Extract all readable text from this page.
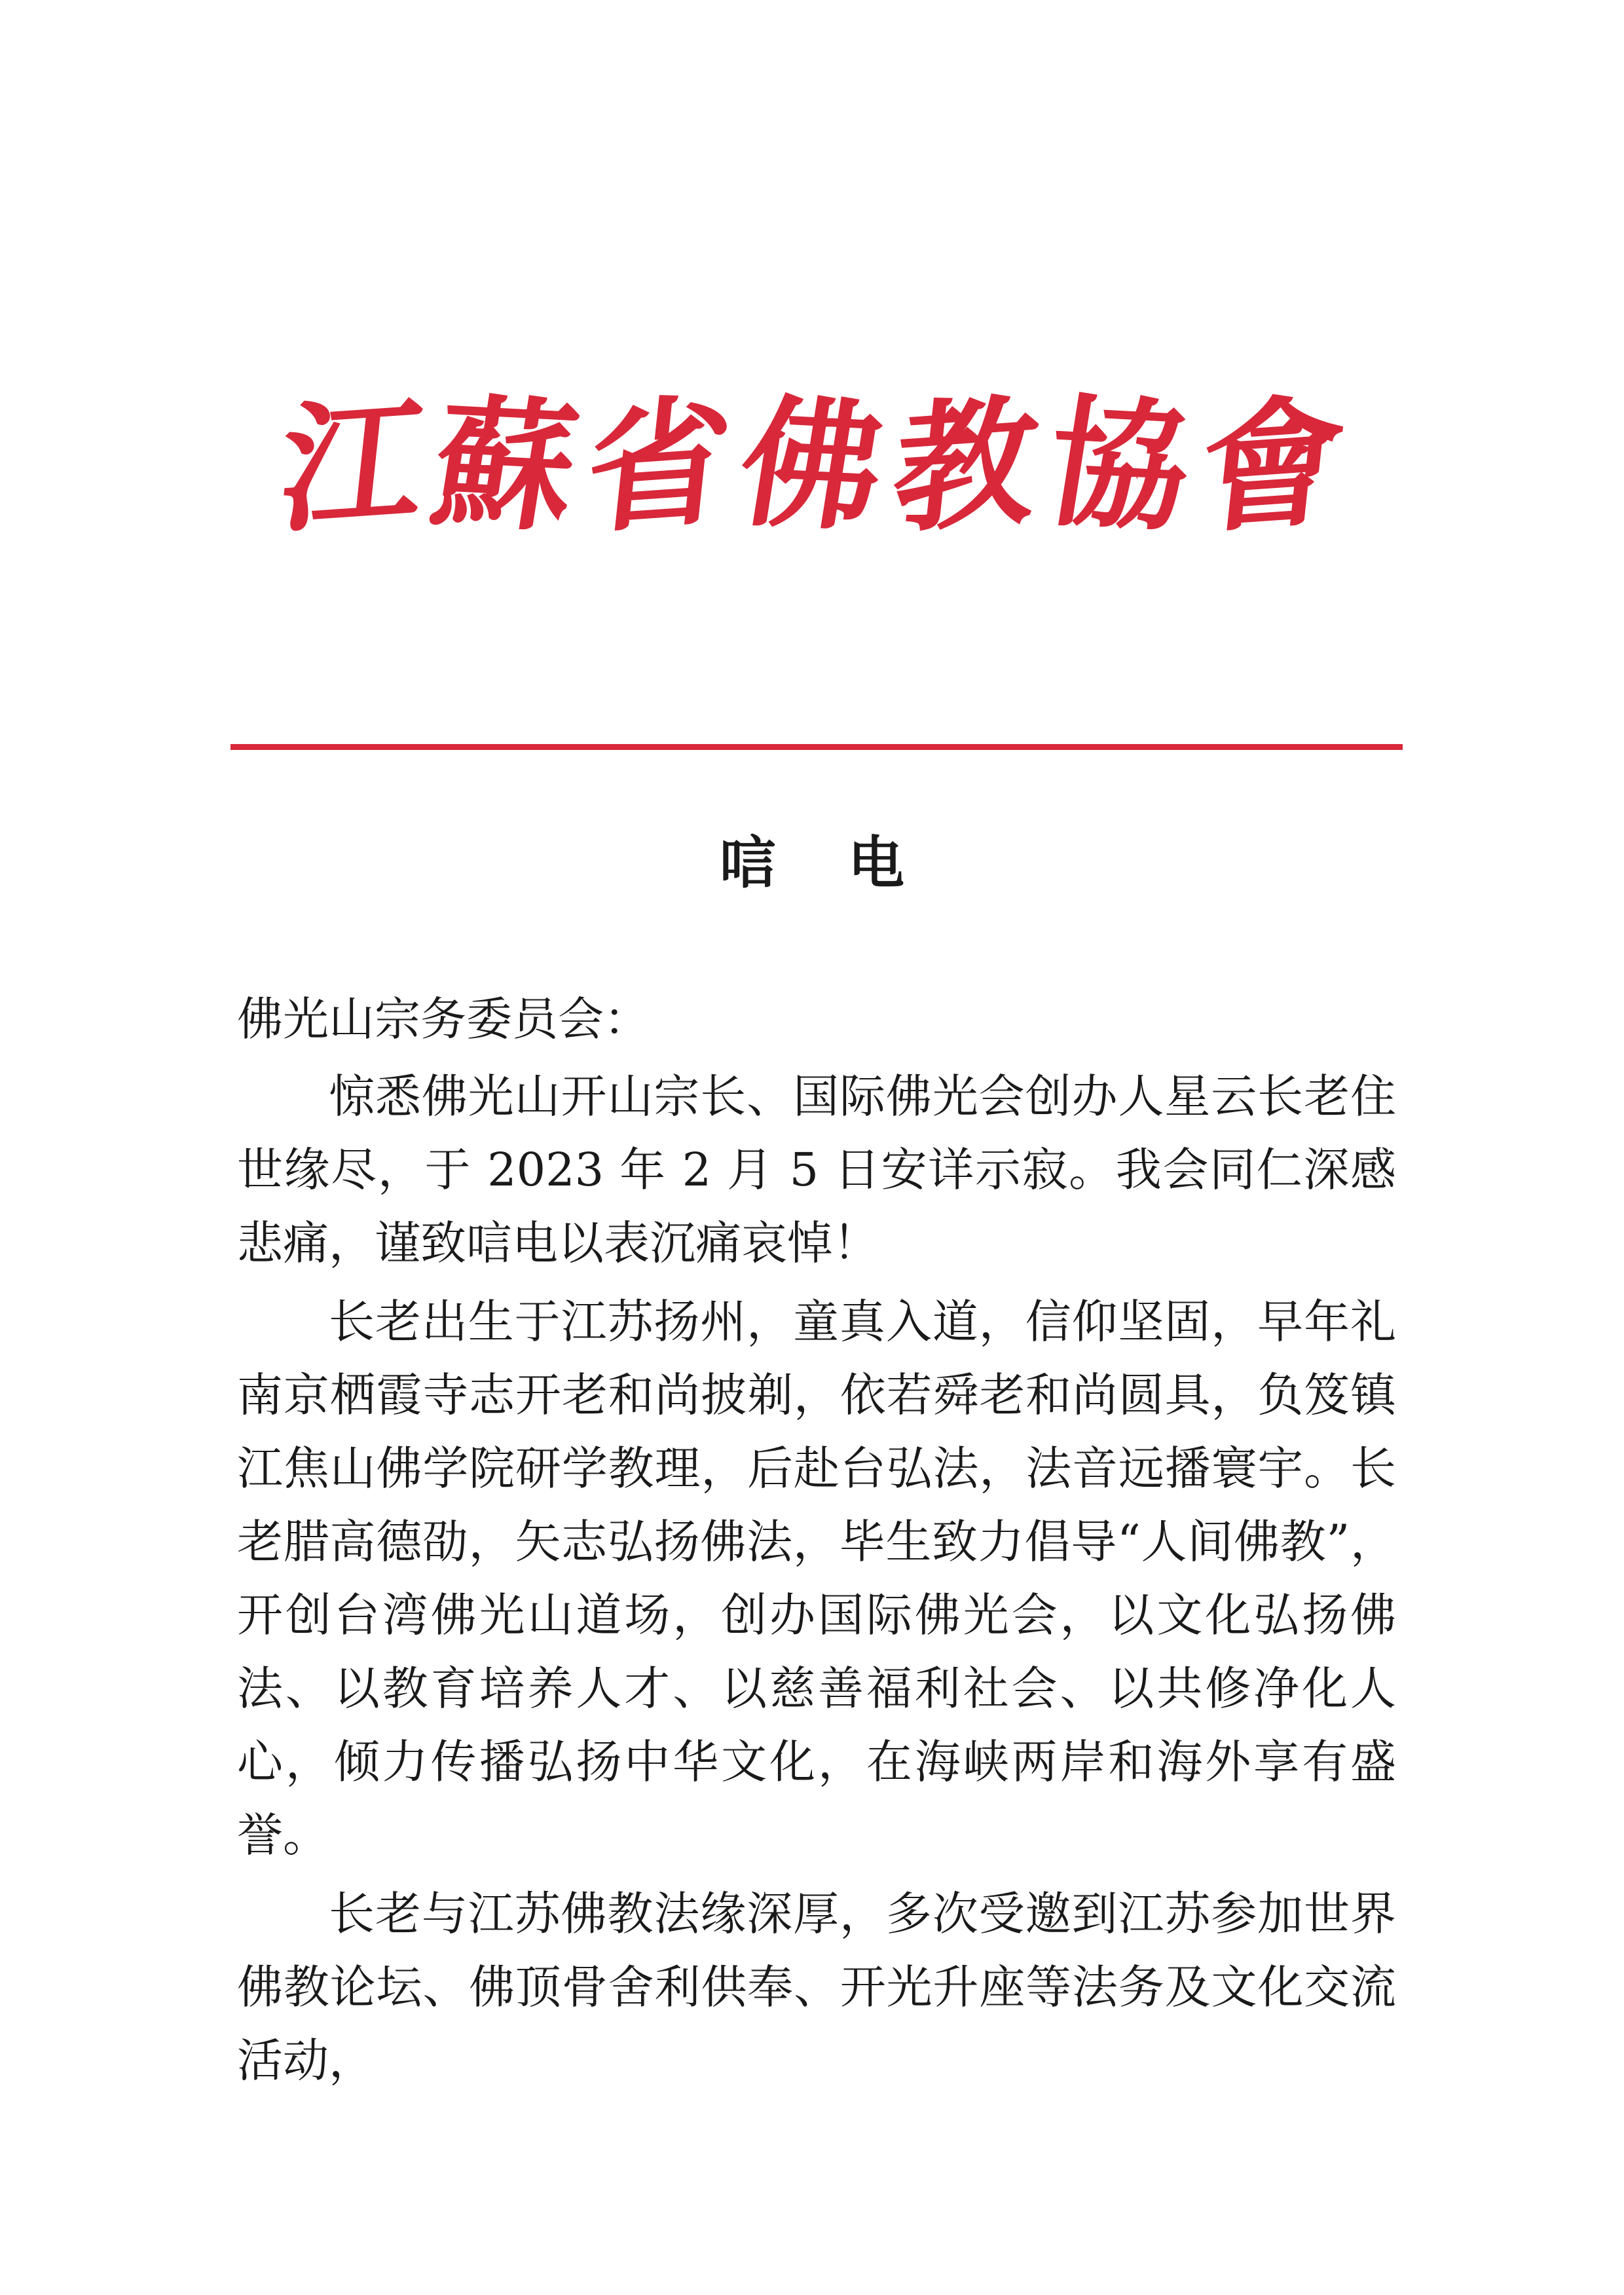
江
蘇
省
佛
教
協
會
唁 电

佛光山宗务委员会：

惊悉佛光山开山宗长、国际佛光会创办人星云长老住世缘尽，于 2023 年 2 月 5 日安详示寂。我会同仁深感悲痛，谨致唁电以表沉痛哀悼！

长老出生于江苏扬州，童真入道，信仰坚固，早年礼南京栖霞寺志开老和尚披剃，依若舜老和尚圆具，负笈镇江焦山佛学院研学教理，后赴台弘法，法音远播寰宇。长老腊高德劭，矢志弘扬佛法，毕生致力倡导“人间佛教”，开创台湾佛光山道场，创办国际佛光会，以文化弘扬佛法、以教育培养人才、以慈善福利社会、以共修净化人心，倾力传播弘扬中华文化，在海峡两岸和海外享有盛誉。

长老与江苏佛教法缘深厚，多次受邀到江苏参加世界佛教论坛、佛顶骨舍利供奉、开光升座等法务及文化交流活动，
